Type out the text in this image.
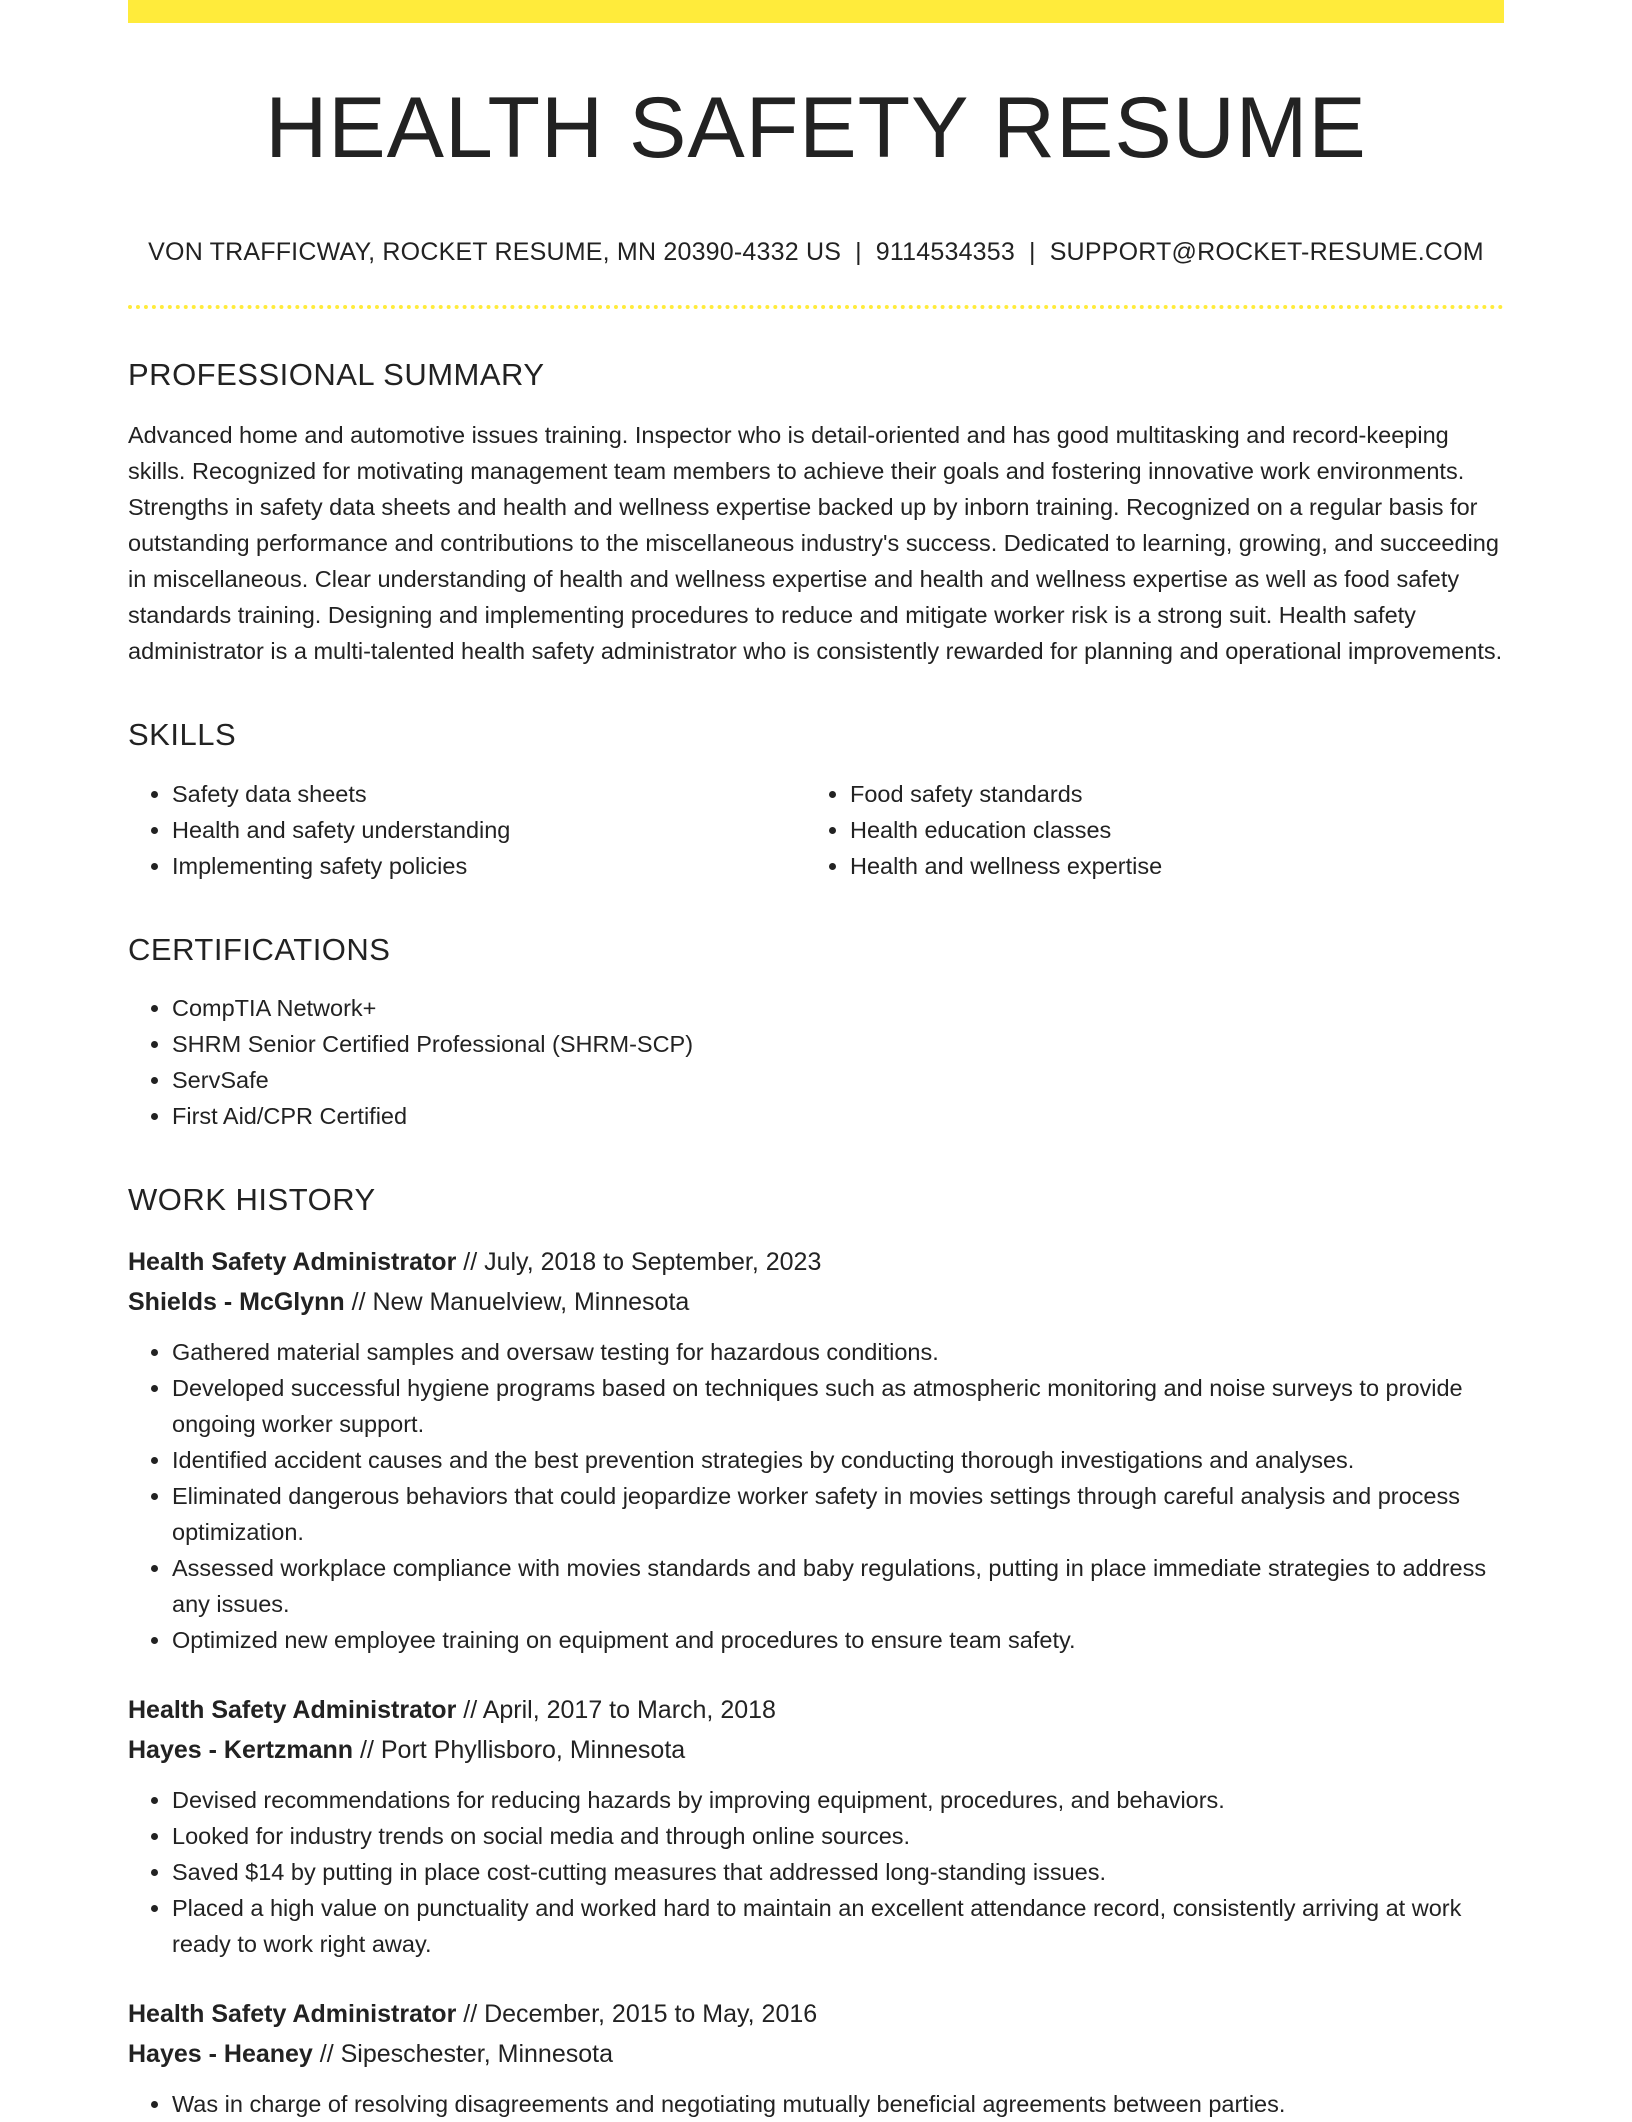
HEALTH SAFETY RESUME
VON TRAFFICWAY, ROCKET RESUME, MN 20390-4332 US | 9114534353 | SUPPORT@ROCKET-RESUME.COM
PROFESSIONAL SUMMARY
Advanced home and automotive issues training. Inspector who is detail-oriented and has good multitasking and record-keeping skills. Recognized for motivating management team members to achieve their goals and fostering innovative work environments. Strengths in safety data sheets and health and wellness expertise backed up by inborn training. Recognized on a regular basis for outstanding performance and contributions to the miscellaneous industry's success. Dedicated to learning, growing, and succeeding in miscellaneous. Clear understanding of health and wellness expertise and health and wellness expertise as well as food safety standards training. Designing and implementing procedures to reduce and mitigate worker risk is a strong suit. Health safety administrator is a multi-talented health safety administrator who is consistently rewarded for planning and operational improvements.
SKILLS
• Safety data sheets
• Health and safety understanding
• Implementing safety policies
• Food safety standards
• Health education classes
• Health and wellness expertise
CERTIFICATIONS
• CompTIA Network+
• SHRM Senior Certified Professional (SHRM-SCP)
• ServSafe
• First Aid/CPR Certified
WORK HISTORY
Health Safety Administrator // July, 2018 to September, 2023
Shields - McGlynn // New Manuelview, Minnesota
• Gathered material samples and oversaw testing for hazardous conditions.
• Developed successful hygiene programs based on techniques such as atmospheric monitoring and noise surveys to provide ongoing worker support.
• Identified accident causes and the best prevention strategies by conducting thorough investigations and analyses.
• Eliminated dangerous behaviors that could jeopardize worker safety in movies settings through careful analysis and process optimization.
• Assessed workplace compliance with movies standards and baby regulations, putting in place immediate strategies to address any issues.
• Optimized new employee training on equipment and procedures to ensure team safety.
Health Safety Administrator // April, 2017 to March, 2018
Hayes - Kertzmann // Port Phyllisboro, Minnesota
• Devised recommendations for reducing hazards by improving equipment, procedures, and behaviors.
• Looked for industry trends on social media and through online sources.
• Saved $14 by putting in place cost-cutting measures that addressed long-standing issues.
• Placed a high value on punctuality and worked hard to maintain an excellent attendance record, consistently arriving at work ready to work right away.
Health Safety Administrator // December, 2015 to May, 2016
Hayes - Heaney // Sipeschester, Minnesota
• Was in charge of resolving disagreements and negotiating mutually beneficial agreements between parties.
